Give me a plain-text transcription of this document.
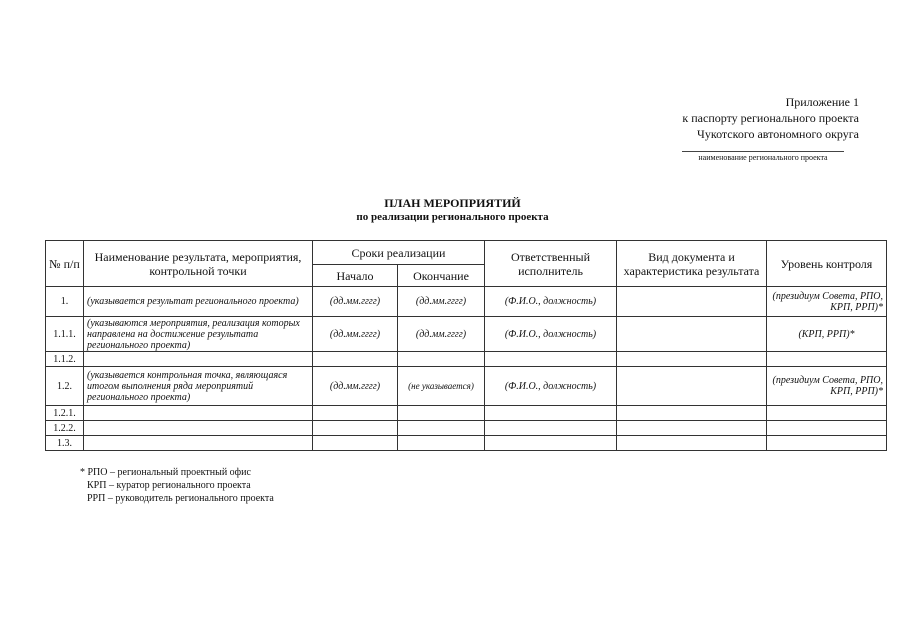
Приложение 1
к паспорту регионального проекта
Чукотского автономного округа
наименование регионального проекта
ПЛАН МЕРОПРИЯТИЙ
по реализации регионального проекта
№ п/п	Наименование результата, мероприятия, контрольной точки	Сроки реализации		Ответственный исполнитель	Вид документа и характеристика результата	Уровень контроля
		Начало	Окончание			
1.	(указывается результат регионального проекта)	(дд.мм.гггг)	(дд.мм.гггг)	(Ф.И.О., должность)		(президиум Совета, РПО, КРП, РРП)*
1.1.1.	(указываются мероприятия, реализация которых направлена на достижение результата регионального проекта)	(дд.мм.гггг)	(дд.мм.гггг)	(Ф.И.О., должность)		(КРП, РРП)*
1.1.2.						
1.2.	(указывается контрольная точка, являющаяся итогом выполнения ряда мероприятий регионального проекта)	(дд.мм.гггг)	(не указывается)	(Ф.И.О., должность)		(президиум Совета, РПО, КРП, РРП)*
1.2.1.						
1.2.2.						
1.3.						
* РПО – региональный проектный офис
КРП – куратор регионального проекта
РРП – руководитель регионального проекта
